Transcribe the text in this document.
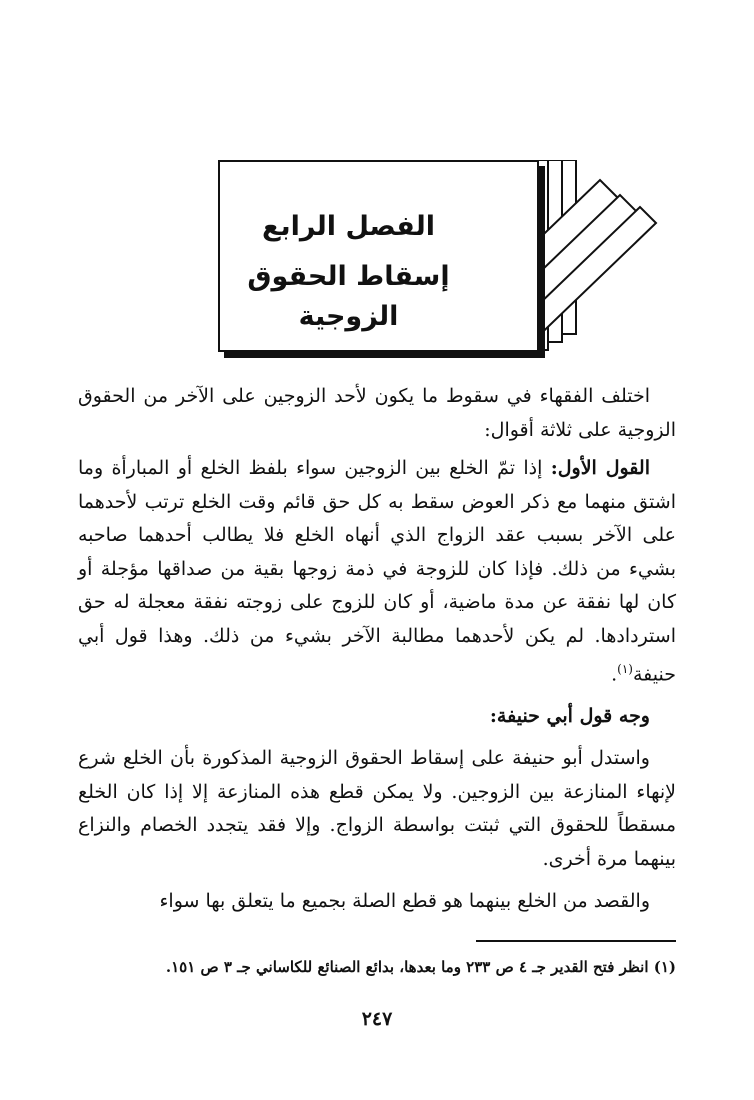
الفصل الرابع
إسقاط الحقوق الزوجية
اختلف الفقهاء في سقوط ما يكون لأحد الزوجين على الآخر من الحقوق الزوجية على ثلاثة أقوال:
القول الأول: إذا تمّ الخلع بين الزوجين سواء بلفظ الخلع أو المبارأة وما اشتق منهما مع ذكر العوض سقط به كل حق قائم وقت الخلع ترتب لأحدهما على الآخر بسبب عقد الزواج الذي أنهاه الخلع فلا يطالب أحدهما صاحبه بشيء من ذلك. فإذا كان للزوجة في ذمة زوجها بقية من صداقها مؤجلة أو كان لها نفقة عن مدة ماضية، أو كان للزوج على زوجته نفقة معجلة له حق استردادها. لم يكن لأحدهما مطالبة الآخر بشيء من ذلك. وهذا قول أبي حنيفة$^{(١)}$.
وجه قول أبي حنيفة:
واستدل أبو حنيفة على إسقاط الحقوق الزوجية المذكورة بأن الخلع شرع لإنهاء المنازعة بين الزوجين. ولا يمكن قطع هذه المنازعة إلا إذا كان الخلع مسقطاً للحقوق التي ثبتت بواسطة الزواج. وإلا فقد يتجدد الخصام والنزاع بينهما مرة أخرى.
والقصد من الخلع بينهما هو قطع الصلة بجميع ما يتعلق بها سواء
(١) انظر فتح القدير جـ ٤ ص ٢٣٣ وما بعدها، بدائع الصنائع للكاساني جـ ٣ ص ١٥١.
٢٤٧
